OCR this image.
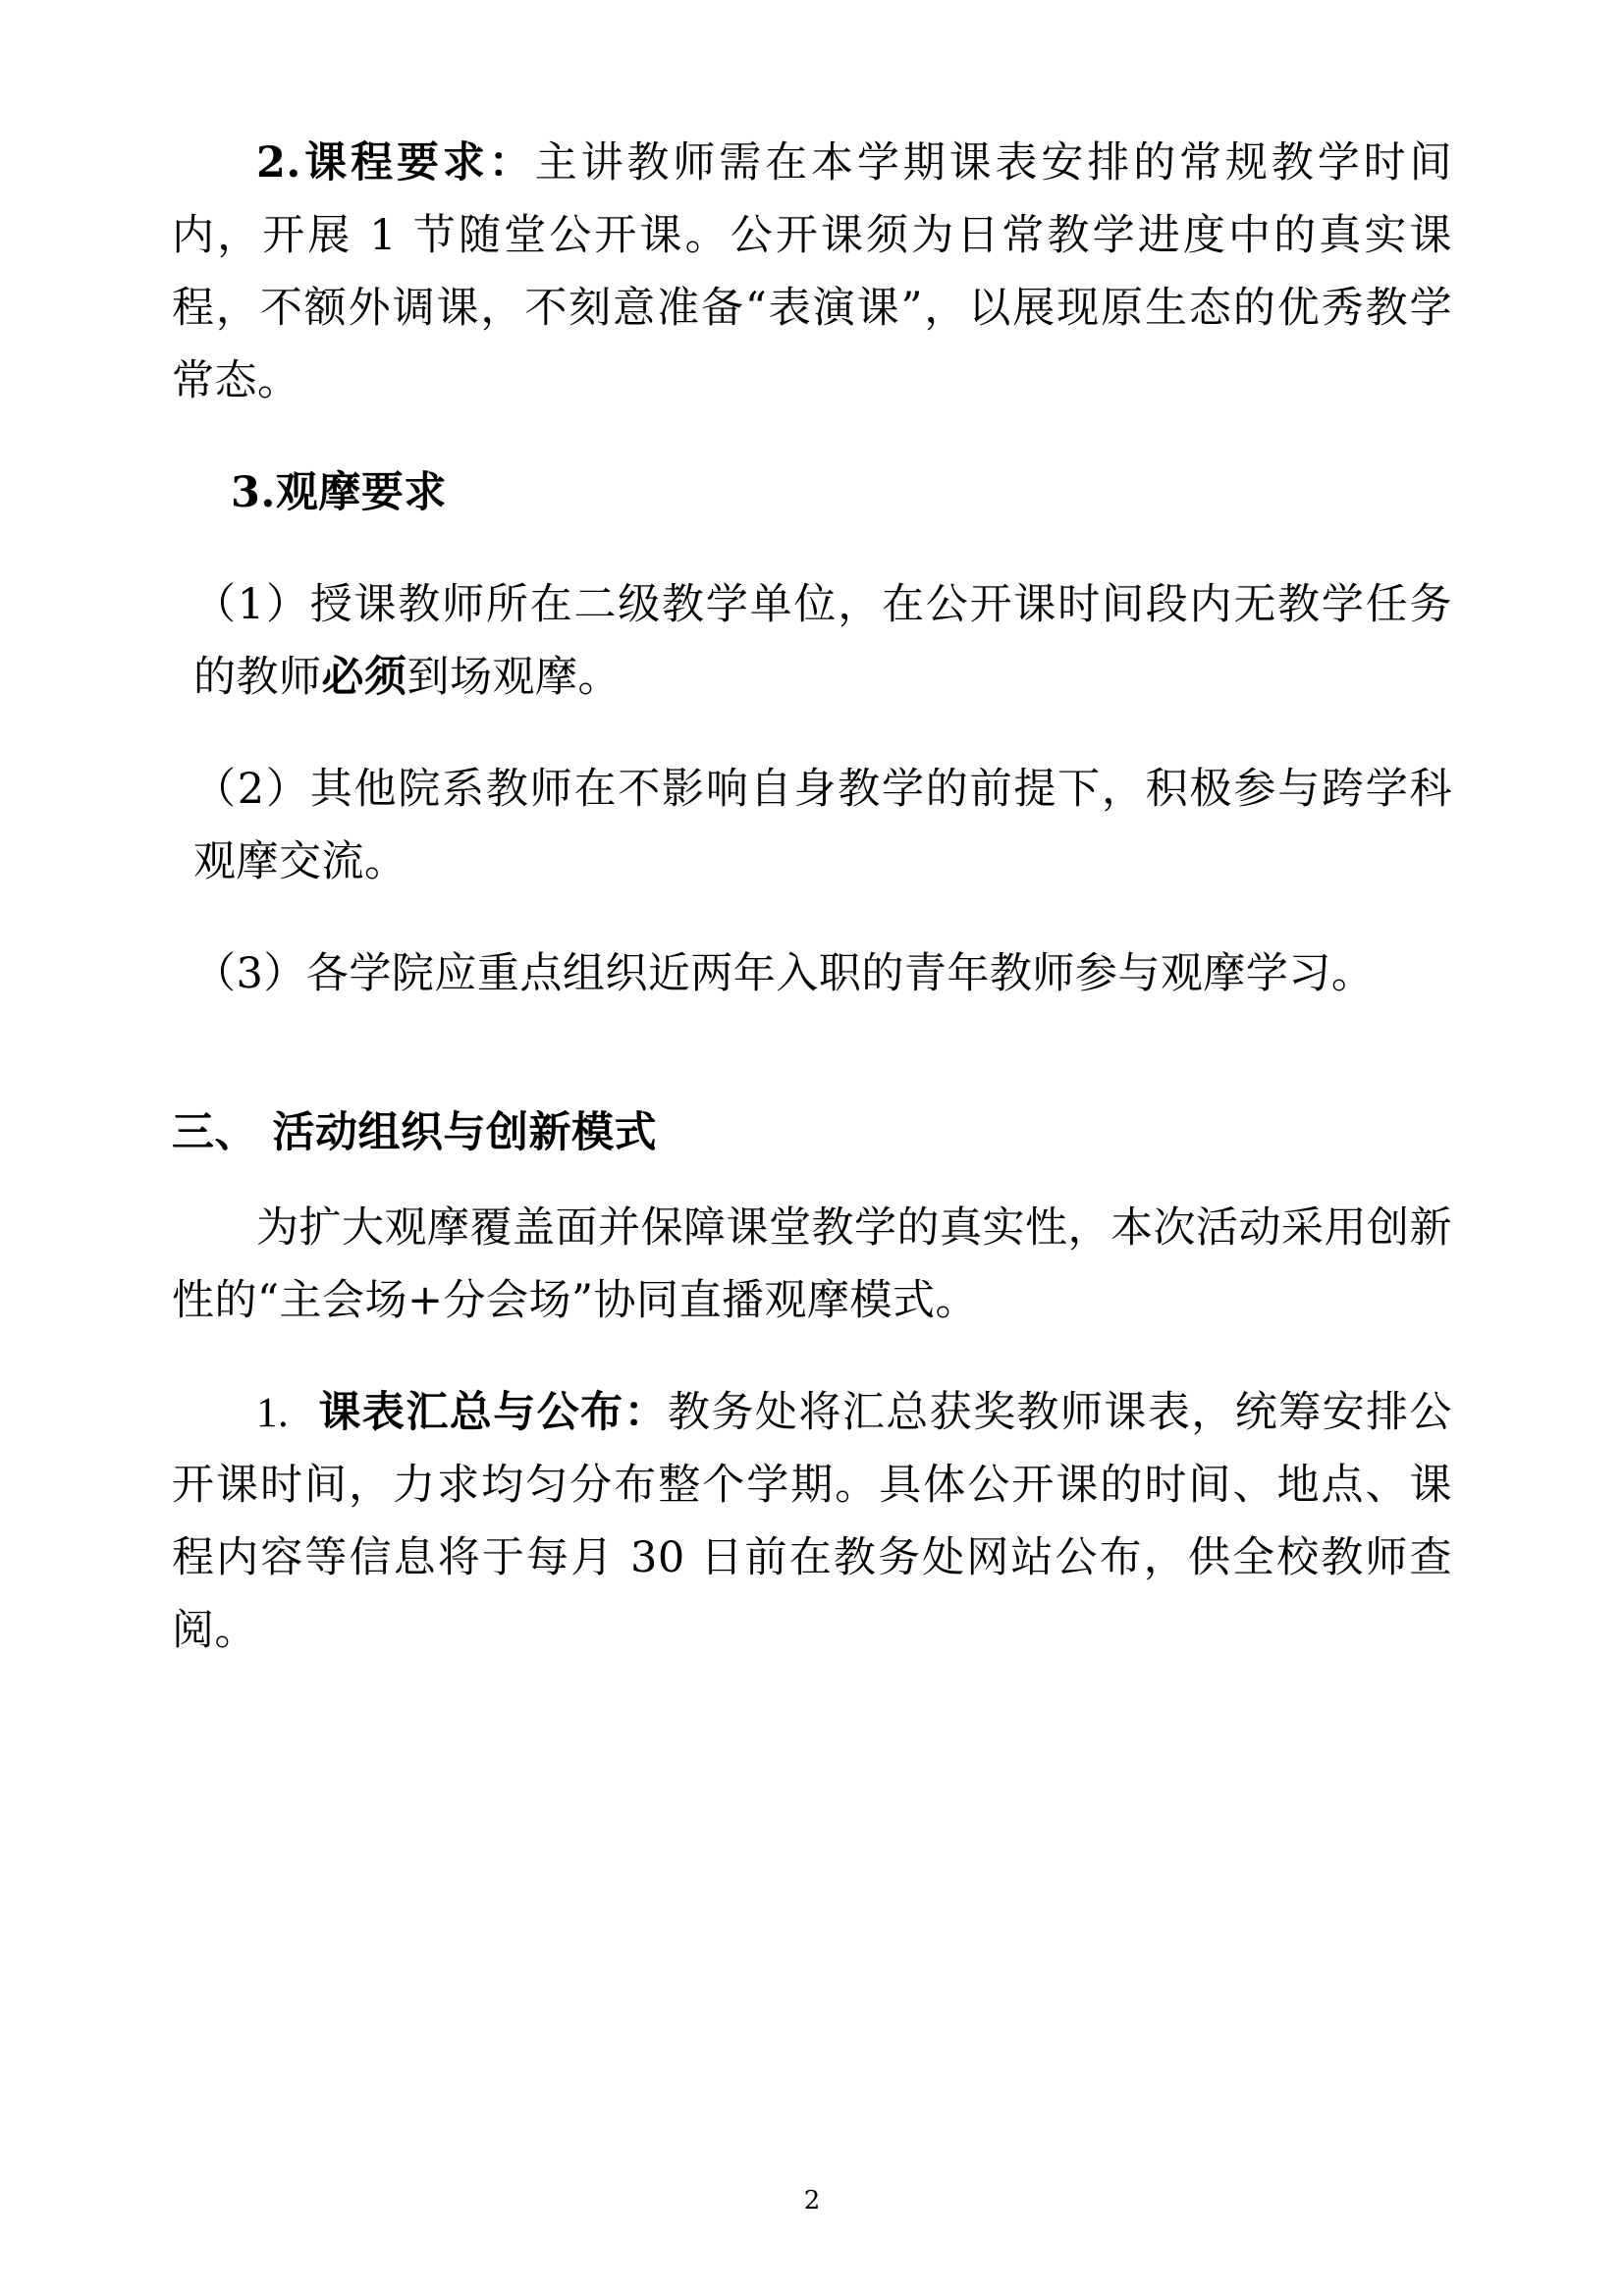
2.课程要求：主讲教师需在本学期课表安排的常规教学时间内，开展 1 节随堂公开课。公开课须为日常教学进度中的真实课程，不额外调课，不刻意准备“表演课”，以展现原生态的优秀教学常态。

3.观摩要求

（1）授课教师所在二级教学单位，在公开课时间段内无教学任务的教师必须到场观摩。

（2）其他院系教师在不影响自身教学的前提下，积极参与跨学科观摩交流。

（3）各学院应重点组织近两年入职的青年教师参与观摩学习。

三、 活动组织与创新模式

为扩大观摩覆盖面并保障课堂教学的真实性，本次活动采用创新性的“主会场+分会场”协同直播观摩模式。

1. 课表汇总与公布：教务处将汇总获奖教师课表，统筹安排公开课时间，力求均匀分布整个学期。具体公开课的时间、地点、课程内容等信息将于每月 30 日前在教务处网站公布，供全校教师查阅。

2
